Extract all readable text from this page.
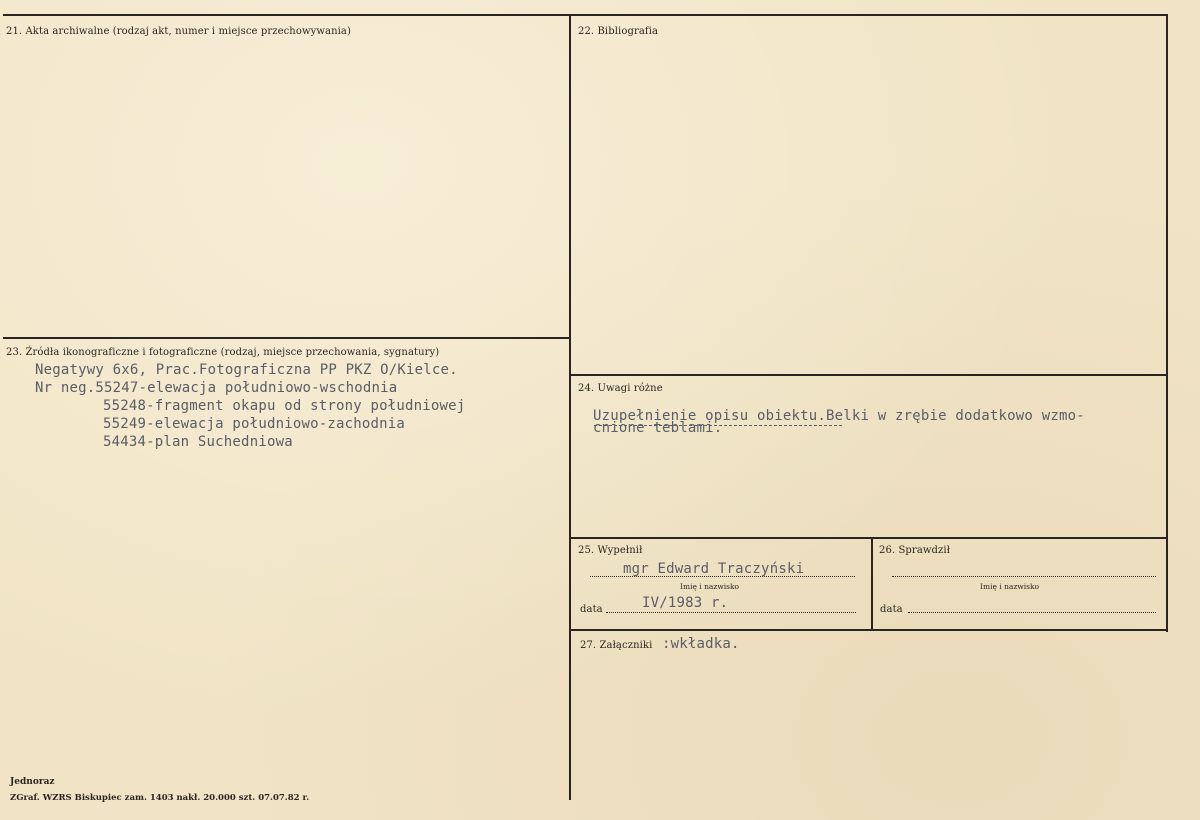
21. Akta archiwalne (rodzaj akt, numer i miejsce przechowywania)	22. Bibliografia
23. Źródła ikonograficzne i fotograficzne (rodzaj, miejsce przechowania, sygnatury)
Negatywy 6x6, Prac.Fotograficzna PP PKZ O/Kielce.
Nr neg.55247-elewacja południowo-wschodnia
55248-fragment okapu od strony południowej
55249-elewacja południowo-zachodnia
54434-plan Suchedniowa
24. Uwagi różne
Uzupełnienie opisu obiektu.Belki w zrębie dodatkowo wzmo-
cnione teblami.
25. Wypełnił
mgr Edward Traczyński
Imię i nazwisko
data	IV/1983 r.
26. Sprawdził
Imię i nazwisko
data
27. Załączniki :wkładka.
Jednoraz
ZGraf. WZRS Biskupiec zam. 1403 nakł. 20.000 szt. 07.07.82 r.
